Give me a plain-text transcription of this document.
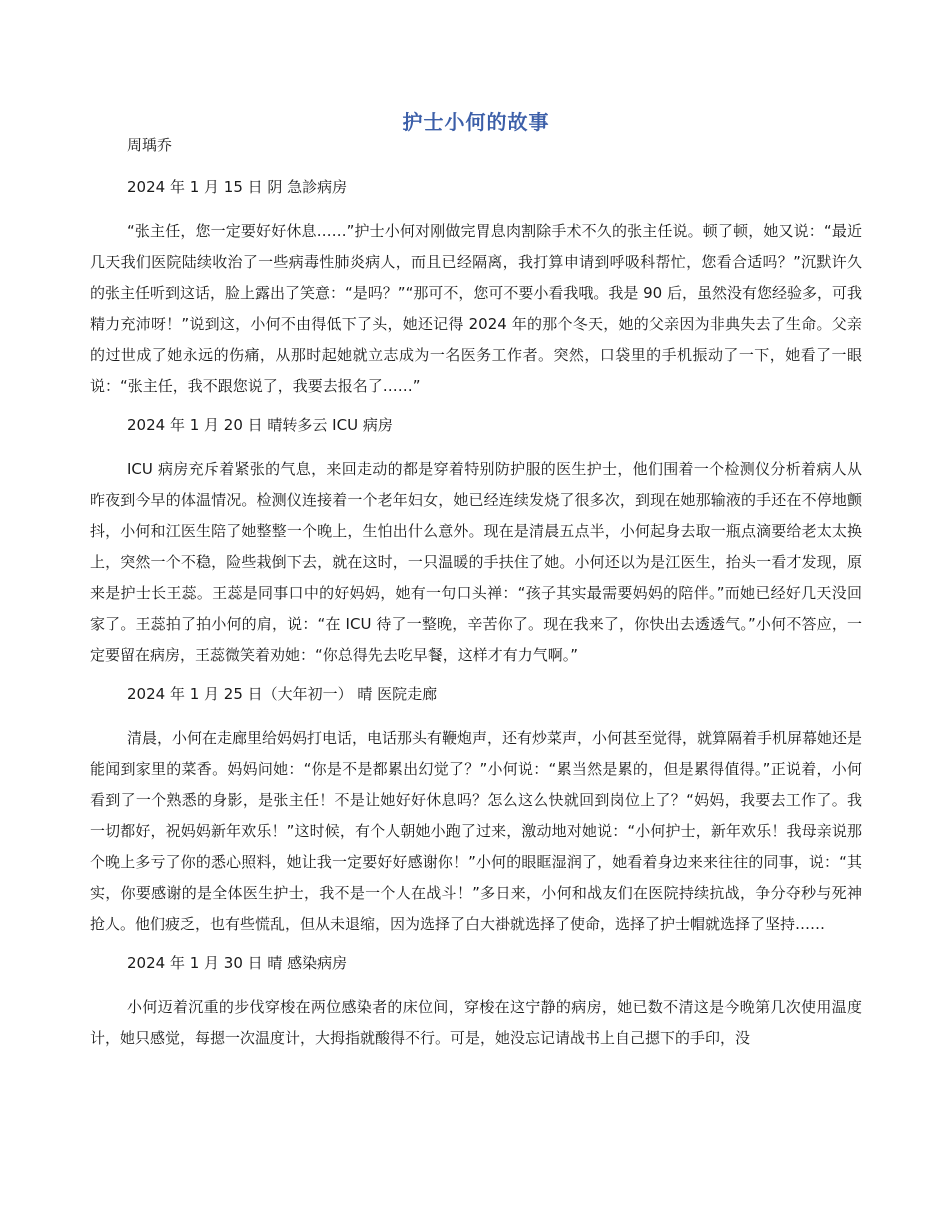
护士小何的故事

周瑀乔

2024 年 1 月 15 日 阴 急診病房

“张主任，您一定要好好休息……”护士小何对刚做完胃息肉割除手术不久的张主任说。顿了顿，她又说：“最近几天我们医院陆续收治了一些病毒性肺炎病人，而且已经隔离，我打算申请到呼吸科帮忙，您看合适吗？”沉默许久的张主任听到这话，脸上露出了笑意：“是吗？”“那可不，您可不要小看我哦。我是 90 后，虽然没有您经验多，可我精力充沛呀！”说到这，小何不由得低下了头，她还记得 2024 年的那个冬天，她的父亲因为非典失去了生命。父亲的过世成了她永远的伤痛，从那时起她就立志成为一名医务工作者。突然，口袋里的手机振动了一下，她看了一眼说：“张主任，我不跟您说了，我要去报名了……”

2024 年 1 月 20 日 晴转多云 ICU 病房

ICU 病房充斥着紧张的气息，来回走动的都是穿着特别防护服的医生护士，他们围着一个检测仪分析着病人从昨夜到今早的体温情况。检测仪连接着一个老年妇女，她已经连续发烧了很多次，到现在她那输液的手还在不停地颤抖，小何和江医生陪了她整整一个晚上，生怕出什么意外。现在是清晨五点半，小何起身去取一瓶点滴要给老太太换上，突然一个不稳，险些栽倒下去，就在这时，一只温暖的手扶住了她。小何还以为是江医生，抬头一看才发现，原来是护士长王蕊。王蕊是同事口中的好妈妈，她有一句口头禅：“孩子其实最需要妈妈的陪伴。”而她已经好几天没回家了。王蕊拍了拍小何的肩，说：“在 ICU 待了一整晚，辛苦你了。现在我来了，你快出去透透气。”小何不答应，一定要留在病房，王蕊微笑着劝她：“你总得先去吃早餐，这样才有力气啊。”

2024 年 1 月 25 日（大年初一） 晴 医院走廊

清晨，小何在走廊里给妈妈打电话，电话那头有鞭炮声，还有炒菜声，小何甚至觉得，就算隔着手机屏幕她还是能闻到家里的菜香。妈妈问她：“你是不是都累出幻觉了？”小何说：“累当然是累的，但是累得值得。”正说着，小何看到了一个熟悉的身影，是张主任！不是让她好好休息吗？怎么这么快就回到岗位上了？“妈妈，我要去工作了。我一切都好，祝妈妈新年欢乐！”这时候，有个人朝她小跑了过来，激动地对她说：“小何护士，新年欢乐！我母亲说那个晚上多亏了你的悉心照料，她让我一定要好好感谢你！”小何的眼眶湿润了，她看着身边来来往往的同事，说：“其实，你要感谢的是全体医生护士，我不是一个人在战斗！”多日来，小何和战友们在医院持续抗战，争分夺秒与死神抢人。他们疲乏，也有些慌乱，但从未退缩，因为选择了白大褂就选择了使命，选择了护士帽就选择了坚持……

2024 年 1 月 30 日 晴 感染病房

小何迈着沉重的步伐穿梭在两位感染者的床位间，穿梭在这宁静的病房，她已数不清这是今晚第几次使用温度计，她只感觉，每摁一次温度计，大拇指就酸得不行。可是，她没忘记请战书上自己摁下的手印，没
